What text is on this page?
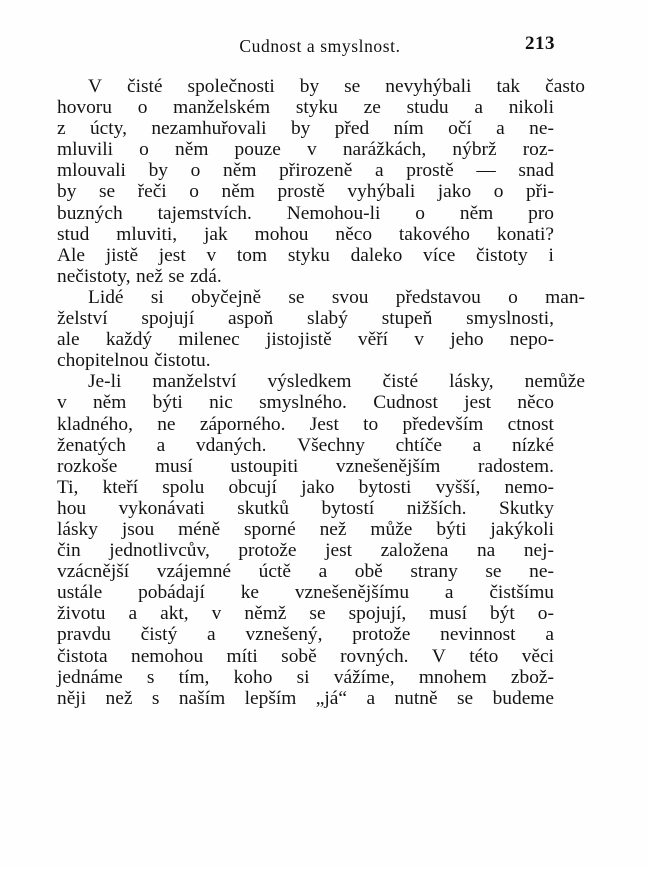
Cudnost a smyslnost.	213
V čisté společnosti by se nevyhýbali tak často
hovoru o manželském styku ze studu a nikoli
z úcty, nezamhuřovali by před ním očí a ne-
mluvili o něm pouze v narážkách, nýbrž roz-
mlouvali by o něm přirozeně a prostě — snad
by se řeči o něm prostě vyhýbali jako o při-
buzných tajemstvích. Nemohou-li o něm pro
stud mluviti, jak mohou něco takového konati?
Ale jistě jest v tom styku daleko více čistoty i
nečistoty, než se zdá.
Lidé si obyčejně se svou představou o man-
želství spojují aspoň slabý stupeň smyslnosti,
ale každý milenec jistojistě věří v jeho nepo-
chopitelnou čistotu.
Je-li manželství výsledkem čisté lásky, nemůže
v něm býti nic smyslného. Cudnost jest něco
kladného, ne záporného. Jest to především ctnost
ženatých a vdaných. Všechny chtíče a nízké
rozkoše musí ustoupiti vznešenějším radostem.
Ti, kteří spolu obcují jako bytosti vyšší, nemo-
hou vykonávati skutků bytostí nižších. Skutky
lásky jsou méně sporné než může býti jakýkoli
čin jednotlivcův, protože jest založena na nej-
vzácnější vzájemné úctě a obě strany se ne-
ustále pobádají ke vznešenějšímu a čistšímu
životu a akt, v němž se spojují, musí být o-
pravdu čistý a vznešený, protože nevinnost a
čistota nemohou míti sobě rovných. V této věci
jednáme s tím, koho si vážíme, mnohem zbož-
něji než s naším lepším „já“ a nutně se budeme
